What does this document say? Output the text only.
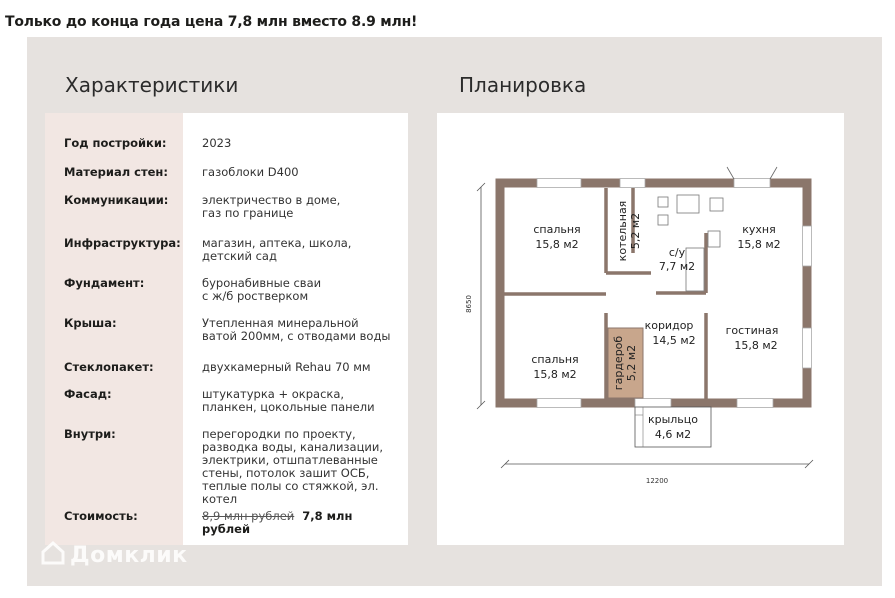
Только до конца года цена 7,8 млн вместо 8.9 млн!
Характеристики	Планировка
Год постройки:	2023
Материал стен:	газоблоки D400
Коммуникации:	электричество в доме,
газ по границе
Инфраструктура: магазин, аптека, школа,
детский сад
Фундамент:	буронабивные сваи
с ж/б ростверком
Крыша:	Утепленная минеральной
ватой 200мм, с отводами воды
Стеклопакет:	двухкамерный Rehau 70 мм
Фасад:	штукатурка + окраска,
планкен, цокольные панели
Внутри:	перегородки по проекту,
разводка воды, канализации,
электрики, отшпатлеванные
стены, потолок зашит ОСБ,
теплые полы со стяжкой, эл. котел
Стоимость:	8,9 млн рублей 7,8 млн рублей
8650
12200
спальня
15,8 м2	котельная 5,2 м2
с/у
7,7 м2
кухня
15,8 м2
коридор
14,5 м2
гостиная
15,8 м2
спальня
15,8 м2	гардероб 5,2 м2
крыльцо
4,6 м2
Домклик
